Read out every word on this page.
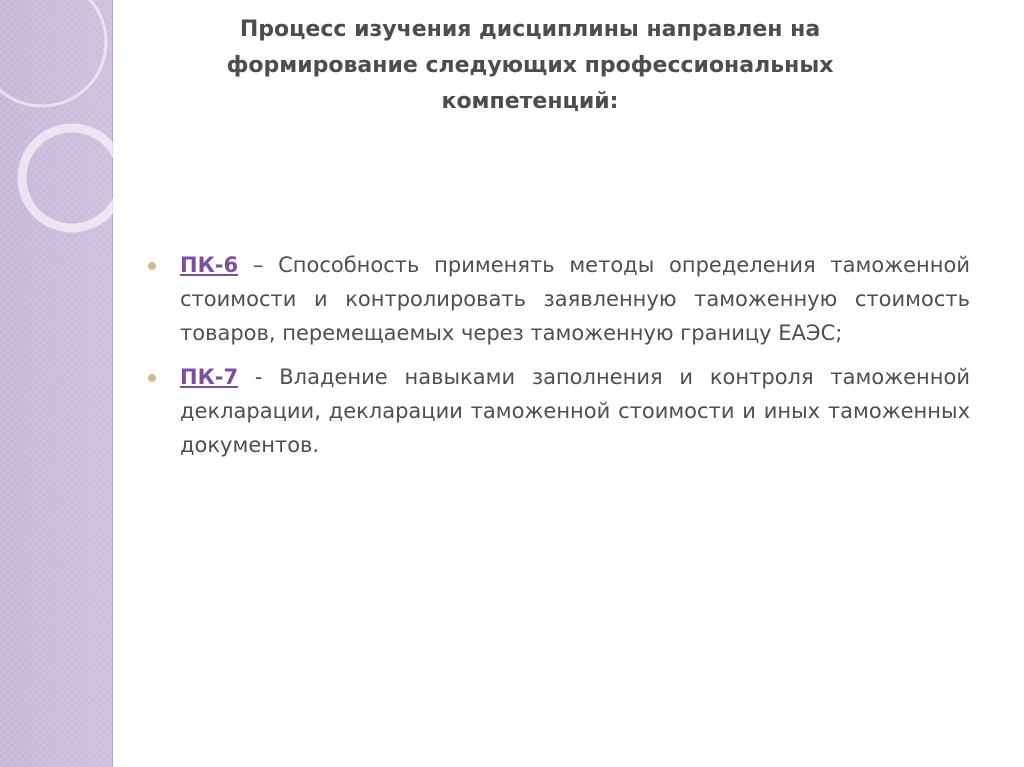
Процесс изучения дисциплины направлен на
формирование следующих профессиональных
компетенций:

ПК-6 – Способность применять методы определения таможенной стоимости и контролировать заявленную таможенную стоимость товаров, перемещаемых через таможенную границу ЕАЭС;

ПК-7 - Владение навыками заполнения и контроля таможенной декларации, декларации таможенной стоимости и иных таможенных документов.
